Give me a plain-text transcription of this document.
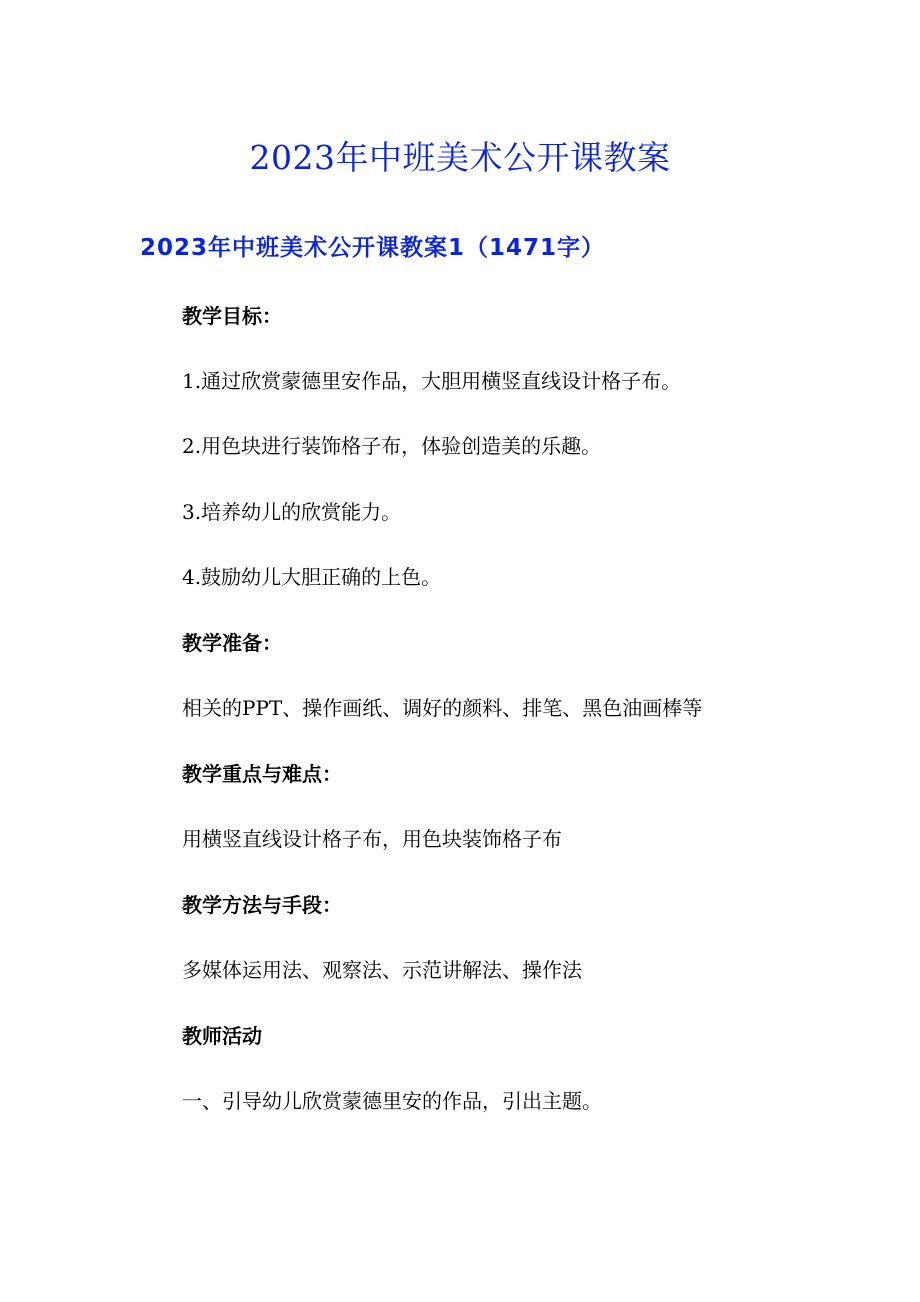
2023年中班美术公开课教案
2023年中班美术公开课教案1（1471字）
教学目标：
1.通过欣赏蒙德里安作品，大胆用横竖直线设计格子布。
2.用色块进行装饰格子布，体验创造美的乐趣。
3.培养幼儿的欣赏能力。
4.鼓励幼儿大胆正确的上色。
教学准备：
相关的PPT、操作画纸、调好的颜料、排笔、黑色油画棒等
教学重点与难点：
用横竖直线设计格子布，用色块装饰格子布
教学方法与手段：
多媒体运用法、观察法、示范讲解法、操作法
教师活动
一、引导幼儿欣赏蒙德里安的作品，引出主题。
